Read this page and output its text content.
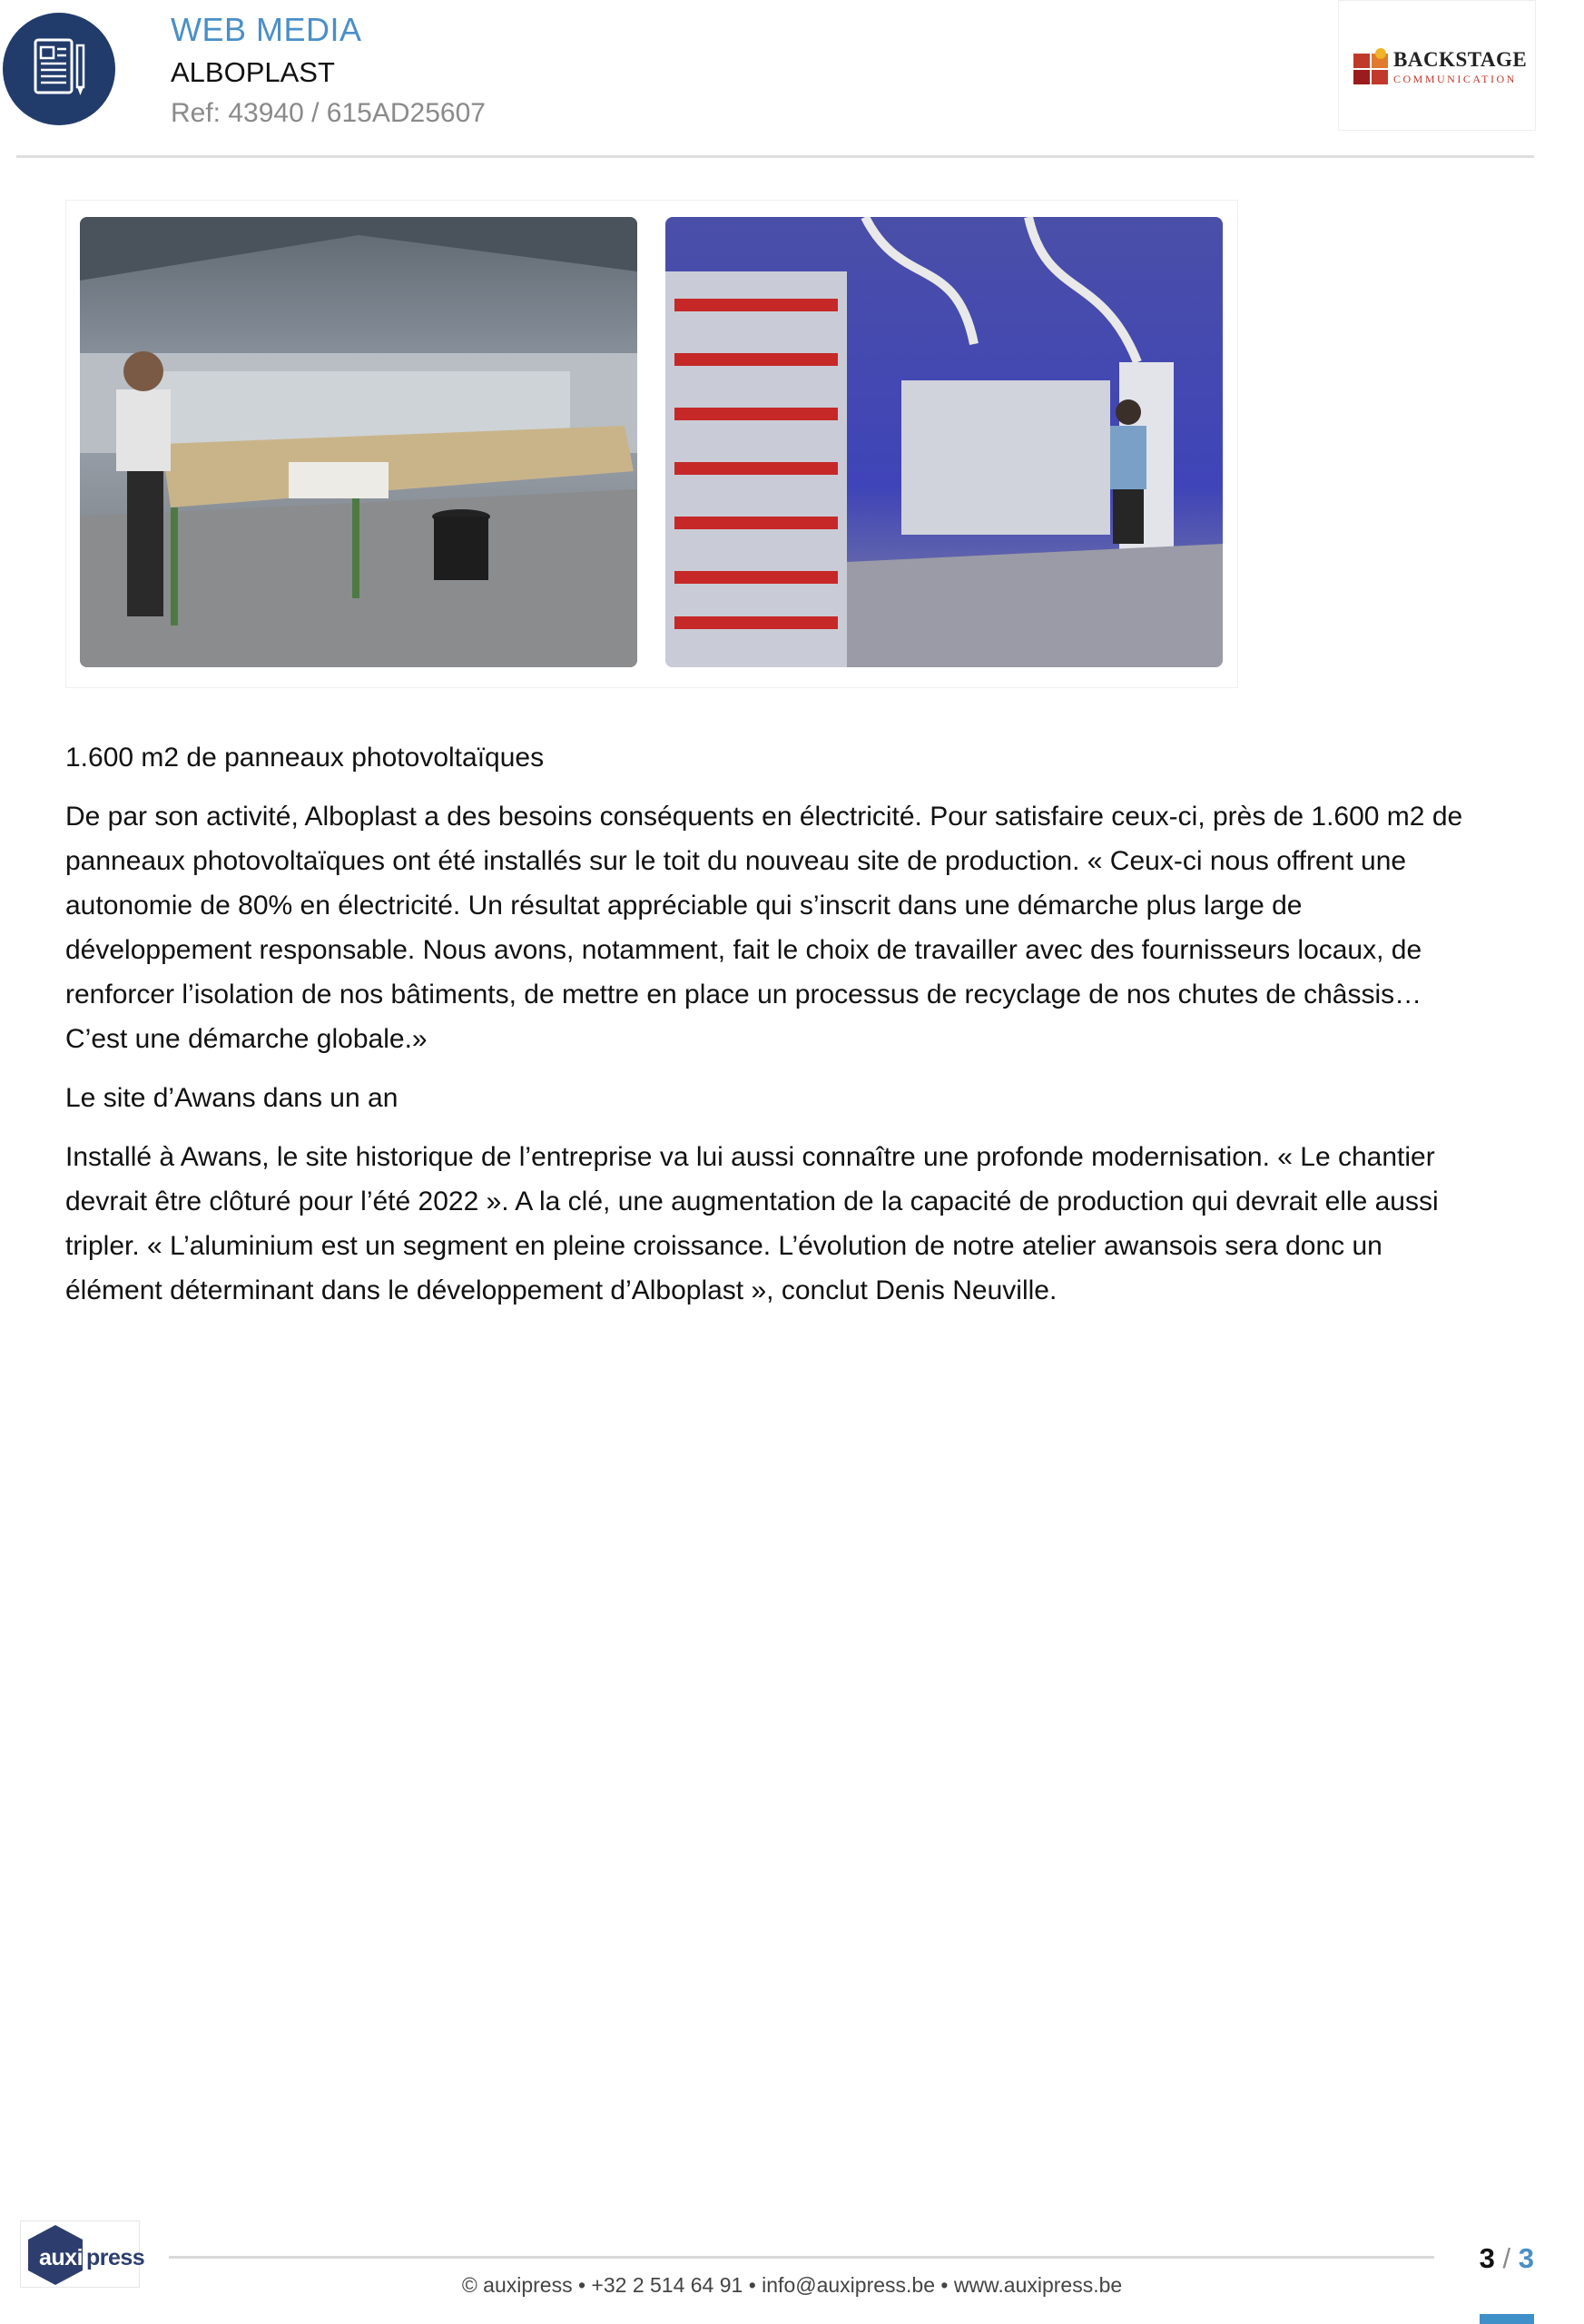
WEB MEDIA
ALBOPLAST
Ref: 43940 / 615AD25607
BACKSTAGE
COMMUNICATION

1.600 m2 de panneaux photovoltaïques

De par son activité, Alboplast a des besoins conséquents en électricité. Pour satisfaire ceux-ci, près de 1.600 m2 de panneaux photovoltaïques ont été installés sur le toit du nouveau site de production. « Ceux-ci nous offrent une autonomie de 80% en électricité. Un résultat appréciable qui s’inscrit dans une démarche plus large de développement responsable. Nous avons, notamment, fait le choix de travailler avec des fournisseurs locaux, de renforcer l’isolation de nos bâtiments, de mettre en place un processus de recyclage de nos chutes de châssis… C’est une démarche globale.»

Le site d’Awans dans un an

Installé à Awans, le site historique de l’entreprise va lui aussi connaître une profonde modernisation. « Le chantier devrait être clôturé pour l’été 2022 ». A la clé, une augmentation de la capacité de production qui devrait elle aussi tripler. « L’aluminium est un segment en pleine croissance. L’évolution de notre atelier awansois sera donc un élément déterminant dans le développement d’Alboplast », conclut Denis Neuville.

auxi press	3 / 3
© auxipress • +32 2 514 64 91 • info@auxipress.be • www.auxipress.be
